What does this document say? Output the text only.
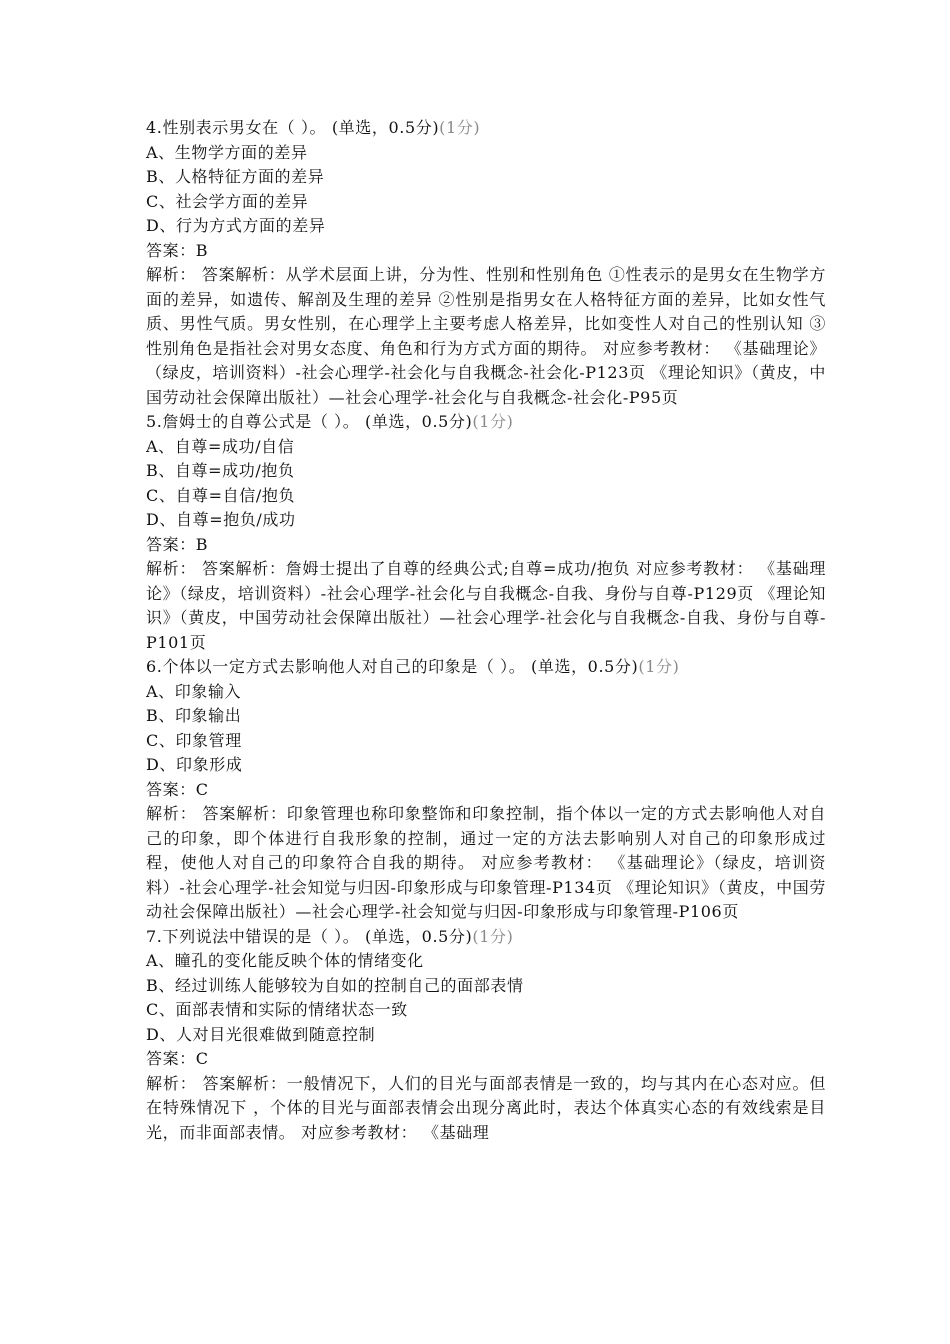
4.性别表示男女在（ ）。 (单选，0.5分)(1分)
A、生物学方面的差异
B、人格特征方面的差异
C、社会学方面的差异
D、行为方式方面的差异
答案：B
解析： 答案解析：从学术层面上讲，分为性、性别和性别角色 ①性表示的是男女在生物学方面的差异，如遗传、解剖及生理的差异 ②性别是指男女在人格特征方面的差异，比如女性气质、男性气质。男女性别，在心理学上主要考虑人格差异，比如变性人对自己的性别认知 ③性别角色是指社会对男女态度、角色和行为方式方面的期待。 对应参考教材： 《基础理论》（绿皮，培训资料）-社会心理学-社会化与自我概念-社会化-P123页 《理论知识》（黄皮，中国劳动社会保障出版社）—社会心理学-社会化与自我概念-社会化-P95页
5.詹姆士的自尊公式是（ ）。 (单选，0.5分)(1分)
A、自尊=成功/自信
B、自尊=成功/抱负
C、自尊=自信/抱负
D、自尊=抱负/成功
答案：B
解析： 答案解析：詹姆士提出了自尊的经典公式;自尊=成功/抱负 对应参考教材： 《基础理论》（绿皮，培训资料）-社会心理学-社会化与自我概念-自我、身份与自尊-P129页 《理论知识》（黄皮，中国劳动社会保障出版社）—社会心理学-社会化与自我概念-自我、身份与自尊-P101页
6.个体以一定方式去影响他人对自己的印象是（ ）。 (单选，0.5分)(1分)
A、印象输入
B、印象输出
C、印象管理
D、印象形成
答案：C
解析： 答案解析：印象管理也称印象整饰和印象控制，指个体以一定的方式去影响他人对自己的印象，即个体进行自我形象的控制，通过一定的方法去影响别人对自己的印象形成过程，使他人对自己的印象符合自我的期待。 对应参考教材： 《基础理论》（绿皮，培训资料）-社会心理学-社会知觉与归因-印象形成与印象管理-P134页 《理论知识》（黄皮，中国劳动社会保障出版社）—社会心理学-社会知觉与归因-印象形成与印象管理-P106页
7.下列说法中错误的是（ ）。 (单选，0.5分)(1分)
A、瞳孔的变化能反映个体的情绪变化
B、经过训练人能够较为自如的控制自己的面部表情
C、面部表情和实际的情绪状态一致
D、人对目光很难做到随意控制
答案：C
解析： 答案解析：一般情况下，人们的目光与面部表情是一致的，均与其内在心态对应。但在特殊情况下 ，个体的目光与面部表情会出现分离此时，表达个体真实心态的有效线索是目光，而非面部表情。 对应参考教材： 《基础理
